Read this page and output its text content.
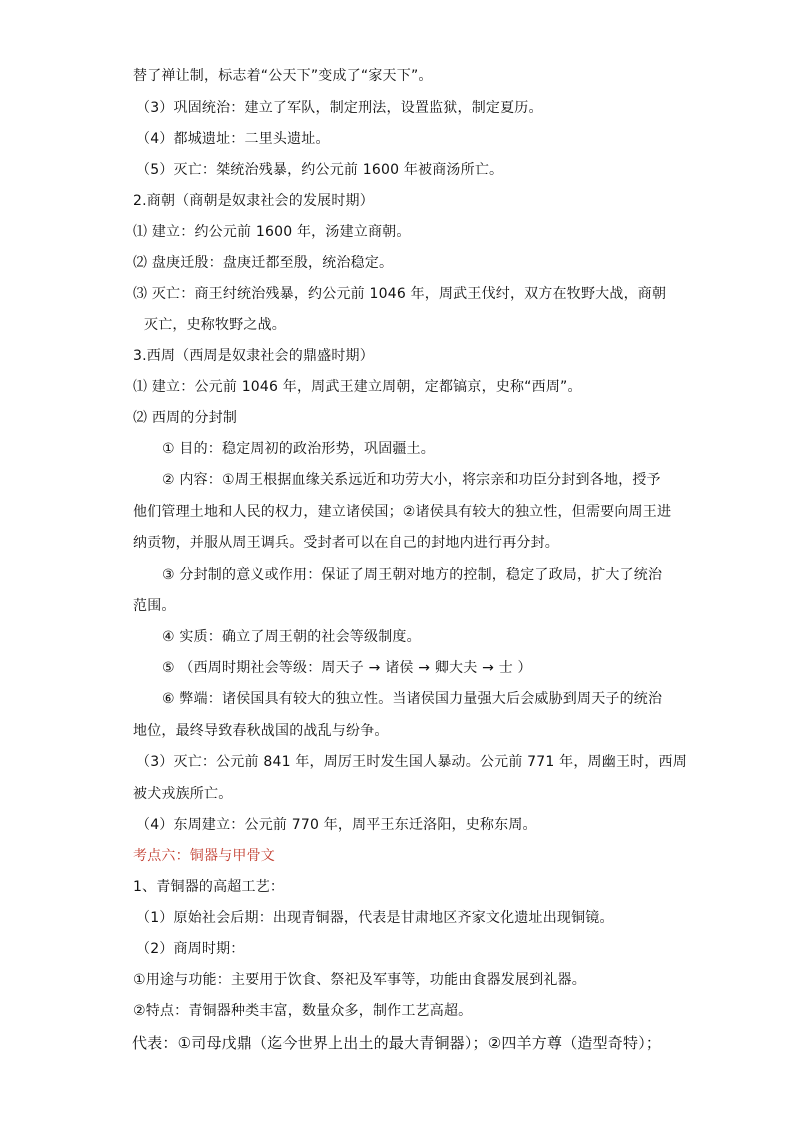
替了禅让制，标志着“公天下”变成了“家天下”。
（3）巩固统治：建立了军队，制定刑法，设置监狱，制定夏历。
（4）都城遗址：二里头遗址。
（5）灭亡：桀统治残暴，约公元前 1600 年被商汤所亡。
2.商朝（商朝是奴隶社会的发展时期）
⑴ 建立：约公元前 1600 年，汤建立商朝。
⑵ 盘庚迁殷：盘庚迁都至殷，统治稳定。
⑶ 灭亡：商王纣统治残暴，约公元前 1046 年，周武王伐纣，双方在牧野大战，商朝
灭亡，史称牧野之战。
3.西周（西周是奴隶社会的鼎盛时期）
⑴ 建立：公元前 1046 年，周武王建立周朝，定都镐京，史称“西周”。
⑵ 西周的分封制
① 目的：稳定周初的政治形势，巩固疆土。
② 内容：①周王根据血缘关系远近和功劳大小，将宗亲和功臣分封到各地，授予
他们管理土地和人民的权力，建立诸侯国；②诸侯具有较大的独立性，但需要向周王进
纳贡物，并服从周王调兵。受封者可以在自己的封地内进行再分封。
③ 分封制的意义或作用：保证了周王朝对地方的控制，稳定了政局，扩大了统治
范围。
④ 实质：确立了周王朝的社会等级制度。
⑤ （西周时期社会等级：周天子 → 诸侯 → 卿大夫 → 士 ）
⑥ 弊端：诸侯国具有较大的独立性。当诸侯国力量强大后会威胁到周天子的统治
地位，最终导致春秋战国的战乱与纷争。
（3）灭亡：公元前 841 年，周厉王时发生国人暴动。公元前 771 年，周幽王时，西周
被犬戎族所亡。
（4）东周建立：公元前 770 年，周平王东迁洛阳，史称东周。
考点六：铜器与甲骨文
1、青铜器的高超工艺：
（1）原始社会后期：出现青铜器，代表是甘肃地区齐家文化遗址出现铜镜。
（2）商周时期：
①用途与功能：主要用于饮食、祭祀及军事等，功能由食器发展到礼器。
②特点：青铜器种类丰富，数量众多，制作工艺高超。
代表：①司母戊鼎（迄今世界上出土的最大青铜器）；②四羊方尊（造型奇特）；
